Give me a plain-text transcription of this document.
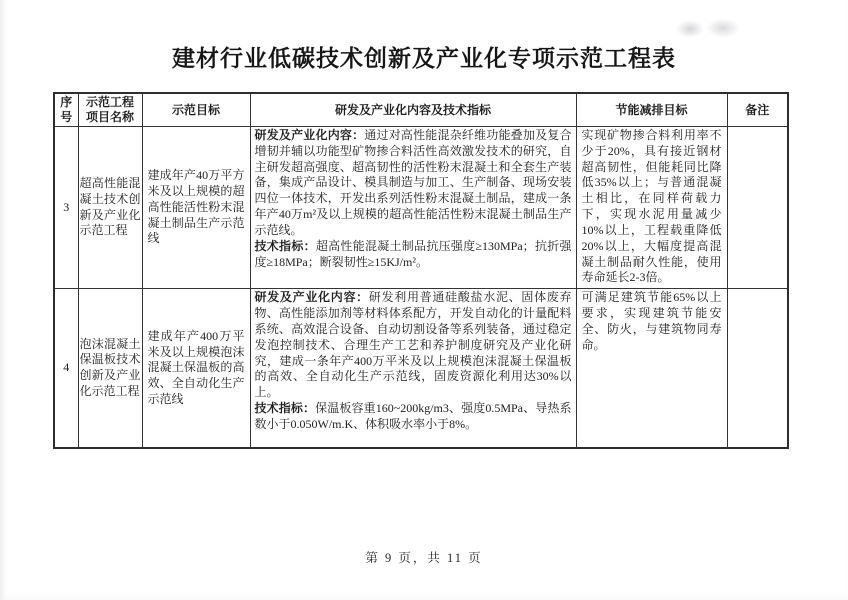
建材行业低碳技术创新及产业化专项示范工程表
序号	示范工程项目名称	示范目标	研发及产业化内容及技术指标	节能减排目标	备注
3	超高性能混凝土技术创新及产业化示范工程	建成年产40万平方米及以上规模的超高性能活性粉末混凝土制品生产示范线	研发及产业化内容：通过对高性能混杂纤维功能叠加及复合增韧并辅以功能型矿物掺合料活性高效激发技术的研究，自主研发超高强度、超高韧性的活性粉末混凝土和全套生产装备，集成产品设计、模具制造与加工、生产制备、现场安装四位一体技术，开发出系列活性粉末混凝土制品，建成一条年产40万m²及以上规模的超高性能活性粉末混凝土制品生产示范线。

技术指标：超高性能混凝土制品抗压强度≥130MPa；抗折强度≥18MPa；断裂韧性≥15KJ/m²。	实现矿物掺合料利用率不少于20%，具有接近钢材超高韧性，但能耗同比降低35%以上；与普通混凝土相比，在同样荷载力下，实现水泥用量减少10%以上，工程载重降低20%以上，大幅度提高混凝土制品耐久性能，使用寿命延长2-3倍。	
4	泡沫混凝土保温板技术创新及产业化示范工程	建成年产400万平米及以上规模泡沫混凝土保温板的高效、全自动化生产示范线	研发及产业化内容：研发利用普通硅酸盐水泥、固体废弃物、高性能添加剂等材料体系配方，开发自动化的计量配料系统、高效混合设备、自动切割设备等系列装备，通过稳定发泡控制技术、合理生产工艺和养护制度研究及产业化研究，建成一条年产400万平米及以上规模泡沫混凝土保温板的高效、全自动化生产示范线，固废资源化利用达30%以上。

技术指标：保温板容重160~200kg/m3、强度0.5MPa、导热系数小于0.050W/m.K、体积吸水率小于8%。	可满足建筑节能65%以上要求，实现建筑节能安全、防火，与建筑物同寿命。	
第 9 页，共 11 页
